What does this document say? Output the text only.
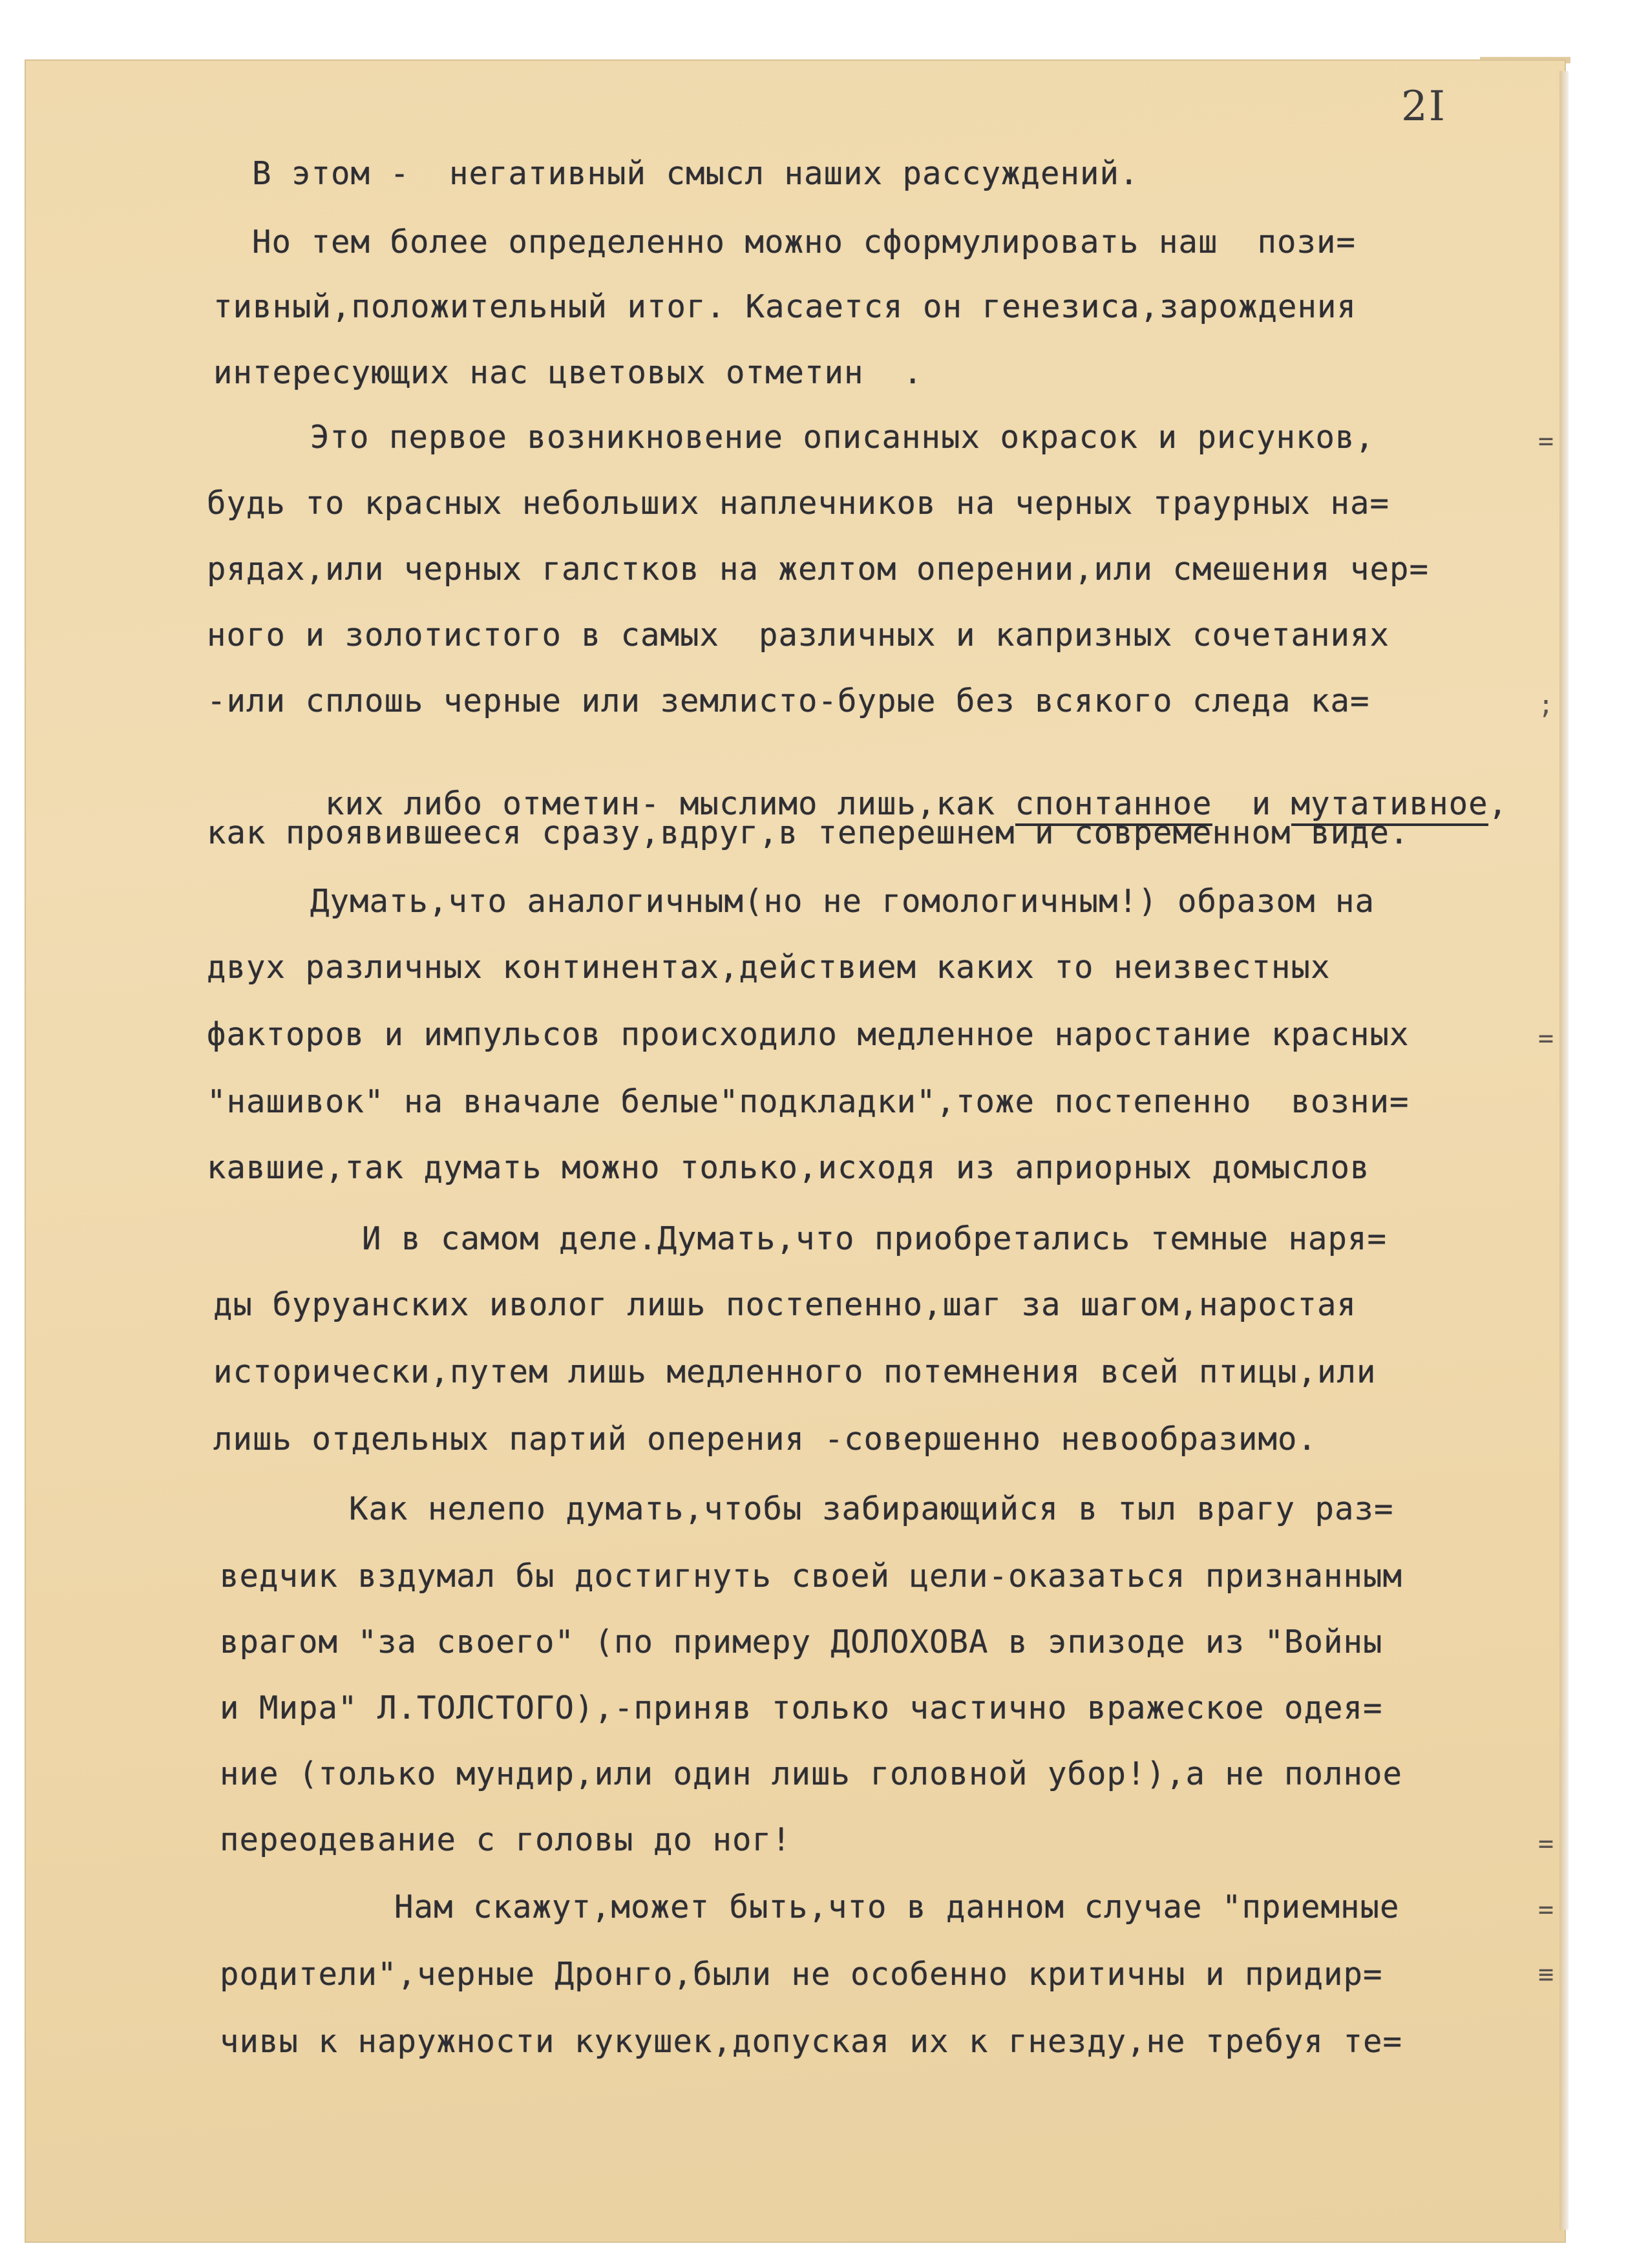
2I
В этом -  негативный смысл наших рассуждений.
Но тем более определенно можно сформулировать наш  пози=
тивный,положительный итог. Касается он генезиса,зарождения
интересующих нас цветовых отметин  .
Это первое возникновение описанных окрасок и рисунков,
будь то красных небольших наплечников на черных траурных на=
рядах,или черных галстков на желтом оперении,или смешения чер=
ного и золотистого в самых  различных и капризных сочетаниях
-или сплошь черные или землисто-бурые без всякого следа ка=

ких либо отметин- мыслимо лишь,как спонтанное  и мутативное,

как проявившееся сразу,вдруг,в теперешнем и современном виде.
Думать,что аналогичным(но не гомологичным!) образом на
двух различных континентах,действием каких то неизвестных
факторов и импульсов происходило медленное наростание красных
"нашивок" на вначале белые"подкладки",тоже постепенно  возни=
кавшие,так думать можно только,исходя из априорных домыслов
И в самом деле.Думать,что приобретались темные наря=
ды буруанских иволог лишь постепенно,шаг за шагом,наростая
исторически,путем лишь медленного потемнения всей птицы,или
лишь отдельных партий оперения -совершенно невообразимо.
Как нелепо думать,чтобы забирающийся в тыл врагу раз=
ведчик вздумал бы достигнуть своей цели-оказаться признанным
врагом "за своего" (по примеру ДОЛОХОВА в эпизоде из "Войны
и Мира" Л.ТОЛСТОГО),-приняв только частично вражеское одея=
ние (только мундир,или один лишь головной убор!),а не полное
переодевание с головы до ног!
Нам скажут,может быть,что в данном случае "приемные
родители",черные Дронго,были не особенно критичны и придир=
чивы к наружности кукушек,допуская их к гнезду,не требуя те=
=
;
=
=
=
≡
